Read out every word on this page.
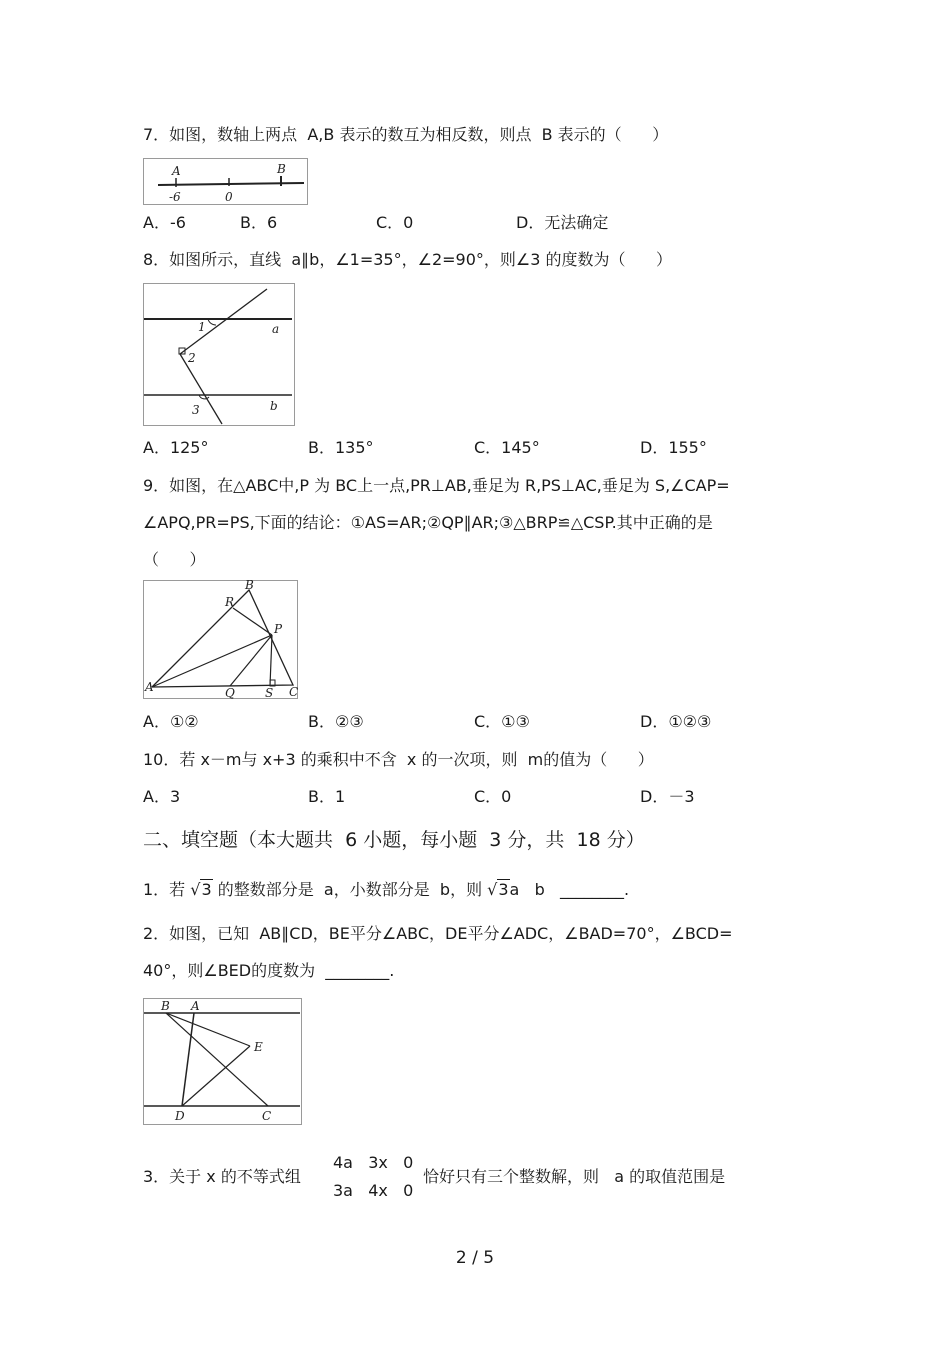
7．如图，数轴上两点  A,B 表示的数互为相反数，则点  B 表示的（      ）
A	B
-6	0
A．-6	B．6	C．0	D．无法确定
8．如图所示，直线  a∥b，∠1=35°，∠2=90°，则∠3 的度数为（      ）
1
2
3
a
b
A．125°	B．135°	C．145°	D．155°
9．如图，在△ABC中,P 为 BC上一点,PR⊥AB,垂足为 R,PS⊥AC,垂足为 S,∠CAP=
∠APQ,PR=PS,下面的结论：①AS=AR;②QP∥AR;③△BRP≌△CSP.其中正确的是
（      ）
A
B
C
P
Q
R
S
A．①②	B．②③	C．①③	D．①②③
10．若 x－m与 x+3 的乘积中不含  x 的一次项，则  m的值为（      ）
A．3	B．1	C．0	D．－3
二、填空题（本大题共  6 小题，每小题  3 分，共  18 分）
1．若 √3 的整数部分是  a，小数部分是  b，则 √3a   b   ________.
2．如图，已知  AB∥CD，BE平分∠ABC，DE平分∠ADC，∠BAD=70°，∠BCD=
40°，则∠BED的度数为  ________.
B A
E
D	C
3．关于 x 的不等式组
4a   3x   0
3a   4x   0
恰好只有三个整数解，则   a 的取值范围是
2 / 5
